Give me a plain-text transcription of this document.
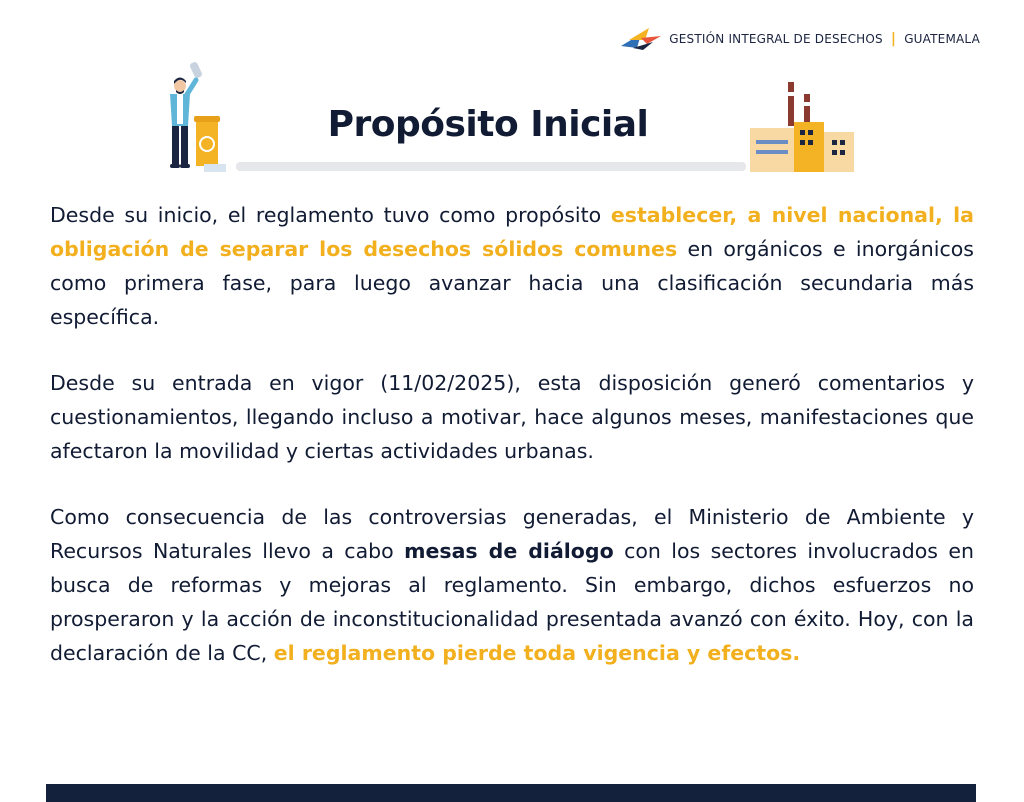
GESTIÓN INTEGRAL DE DESECHOS | GUATEMALA
Propósito Inicial

Desde su inicio, el reglamento tuvo como propósito establecer, a nivel nacional, la obligación de separar los desechos sólidos comunes en orgánicos e inorgánicos como primera fase, para luego avanzar hacia una clasificación secundaria más específica.

Desde su entrada en vigor (11/02/2025), esta disposición generó comentarios y cuestionamientos, llegando incluso a motivar, hace algunos meses, manifestaciones que afectaron la movilidad y ciertas actividades urbanas.

Como consecuencia de las controversias generadas, el Ministerio de Ambiente y Recursos Naturales llevo a cabo mesas de diálogo con los sectores involucrados en busca de reformas y mejoras al reglamento. Sin embargo, dichos esfuerzos no prosperaron y la acción de inconstitucionalidad presentada avanzó con éxito. Hoy, con la declaración de la CC, el reglamento pierde toda vigencia y efectos.
